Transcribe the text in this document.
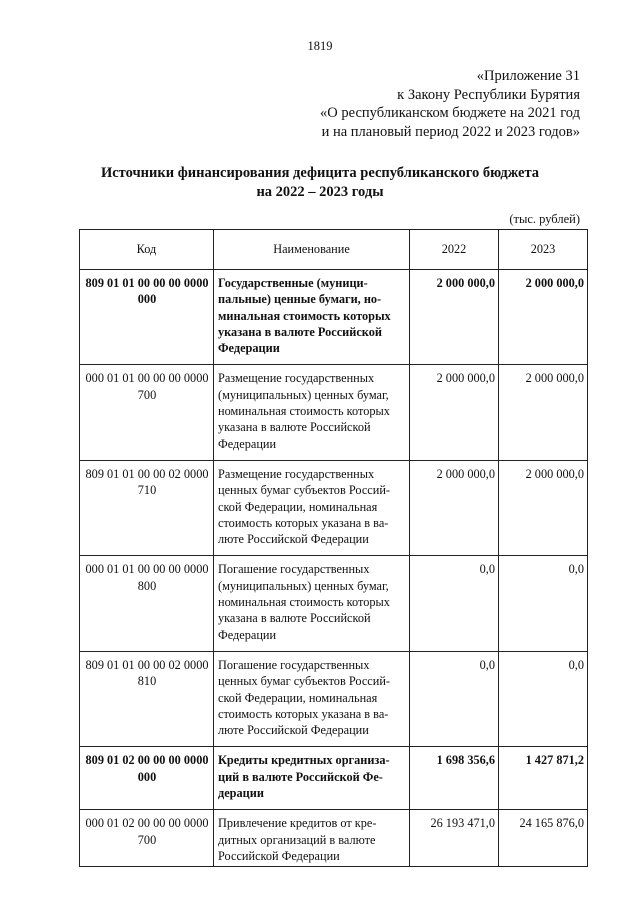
1819
«Приложение 31
к Закону Республики Бурятия
«О республиканском бюджете на 2021 год
и на плановый период 2022 и 2023 годов»
Источники финансирования дефицита республиканского бюджета
на 2022 – 2023 годы
(тыс. рублей)
Код	Наименование	2022	2023
809 01 01 00 00 00 0000 000	Государственные (муници-пальные) ценные бумаги, но-минальная стоимость которых указана в валюте Российской Федерации	2 000 000,0	2 000 000,0
000 01 01 00 00 00 0000 700	Размещение государственных (муниципальных) ценных бумаг, номинальная стоимость которых указана в валюте Российской Федерации	2 000 000,0	2 000 000,0
809 01 01 00 00 02 0000 710	Размещение государственных ценных бумаг субъектов Россий-ской Федерации, номинальная стоимость которых указана в ва-люте Российской Федерации	2 000 000,0	2 000 000,0
000 01 01 00 00 00 0000 800	Погашение государственных (муниципальных) ценных бумаг, номинальная стоимость которых указана в валюте Российской Федерации	0,0	0,0
809 01 01 00 00 02 0000 810	Погашение государственных ценных бумаг субъектов Россий-ской Федерации, номинальная стоимость которых указана в ва-люте Российской Федерации	0,0	0,0
809 01 02 00 00 00 0000 000	Кредиты кредитных организа-ций в валюте Российской Фе-дерации	1 698 356,6	1 427 871,2
000 01 02 00 00 00 0000 700	Привлечение кредитов от кре-дитных организаций в валюте Российской Федерации	26 193 471,0	24 165 876,0
